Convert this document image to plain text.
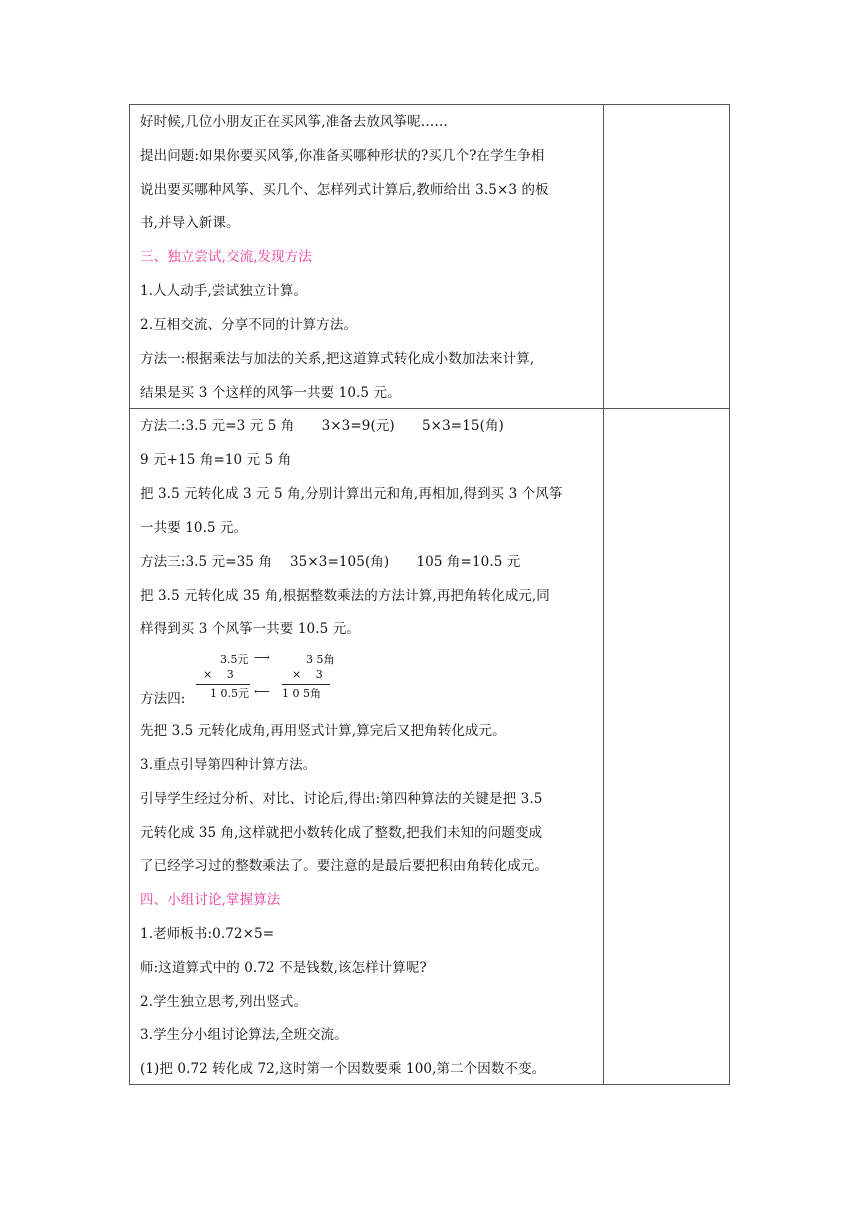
好时候,几位小朋友正在买风筝,准备去放风筝呢……
提出问题:如果你要买风筝,你准备买哪种形状的?买几个?在学生争相
说出要买哪种风筝、买几个、怎样列式计算后,教师给出 3.5×3 的板
书,并导入新课。
三、独立尝试,交流,发现方法
1.人人动手,尝试独立计算。
2.互相交流、分享不同的计算方法。
方法一:根据乘法与加法的关系,把这道算式转化成小数加法来计算,
结果是买 3 个这样的风筝一共要 10.5 元。
方法二:3.5 元=3 元 5 角　　3×3=9(元)　　5×3=15(角)
9 元+15 角=10 元 5 角
把 3.5 元转化成 3 元 5 角,分别计算出元和角,再相加,得到买 3 个风筝
一共要 10.5 元。
方法三:3.5 元=35 角　 35×3=105(角)　　105 角=10.5 元
把 3.5 元转化成 35 角,根据整数乘法的方法计算,再把角转化成元,同
样得到买 3 个风筝一共要 10.5 元。
3.5元 ⟶	3 5角
×　 3	×　 3
1 0.5元 ⟵ 1 0 5角
方法四:
先把 3.5 元转化成角,再用竖式计算,算完后又把角转化成元。
3.重点引导第四种计算方法。
引导学生经过分析、对比、讨论后,得出:第四种算法的关键是把 3.5
元转化成 35 角,这样就把小数转化成了整数,把我们未知的问题变成
了已经学习过的整数乘法了。要注意的是最后要把积由角转化成元。
四、小组讨论,掌握算法
1.老师板书:0.72×5=
师:这道算式中的 0.72 不是钱数,该怎样计算呢?
2.学生独立思考,列出竖式。
3.学生分小组讨论算法,全班交流。
(1)把 0.72 转化成 72,这时第一个因数要乘 100,第二个因数不变。
